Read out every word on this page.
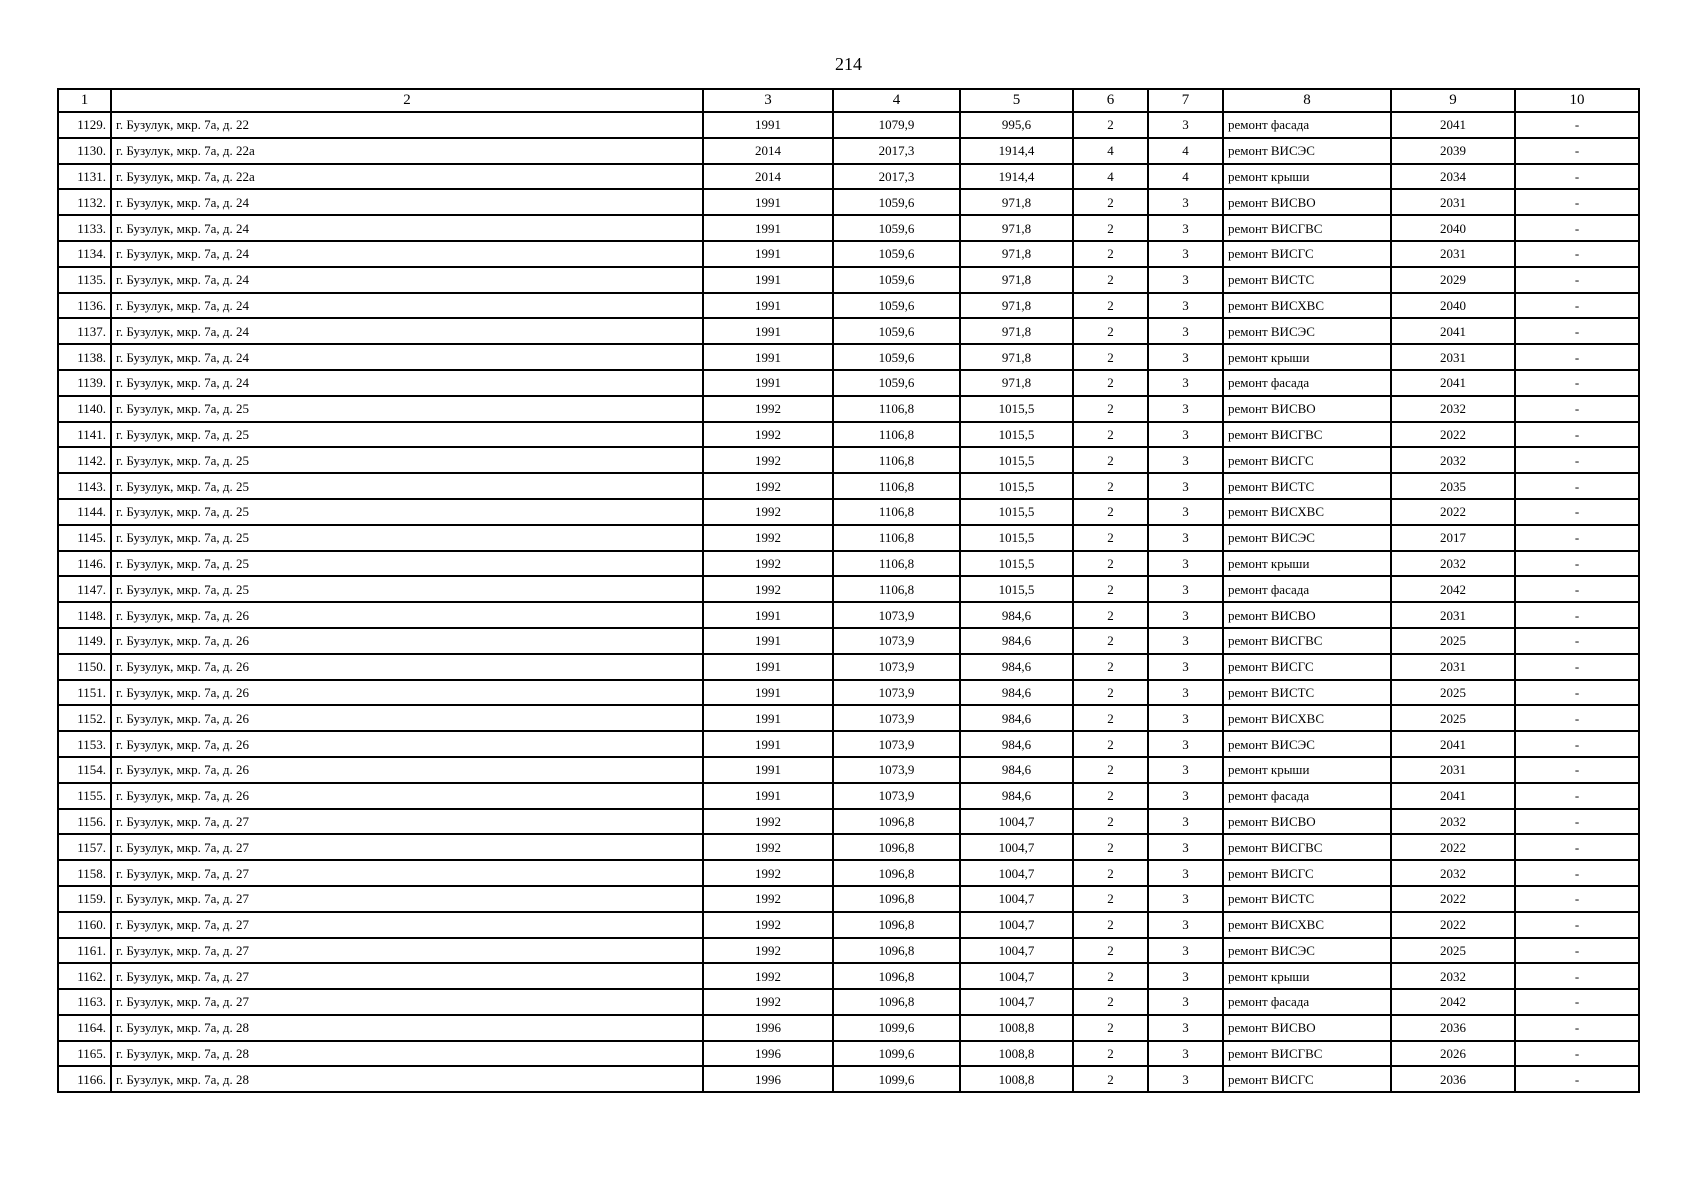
214
1	2	3	4	5	6	7	8	9	10
1129.	г. Бузулук, мкр. 7а, д. 22	1991	1079,9	995,6	2	3	ремонт фасада	2041	-
1130.	г. Бузулук, мкр. 7а, д. 22а	2014	2017,3	1914,4	4	4	ремонт ВИСЭС	2039	-
1131.	г. Бузулук, мкр. 7а, д. 22а	2014	2017,3	1914,4	4	4	ремонт крыши	2034	-
1132.	г. Бузулук, мкр. 7а, д. 24	1991	1059,6	971,8	2	3	ремонт ВИСВО	2031	-
1133.	г. Бузулук, мкр. 7а, д. 24	1991	1059,6	971,8	2	3	ремонт ВИСГВС	2040	-
1134.	г. Бузулук, мкр. 7а, д. 24	1991	1059,6	971,8	2	3	ремонт ВИСГС	2031	-
1135.	г. Бузулук, мкр. 7а, д. 24	1991	1059,6	971,8	2	3	ремонт ВИСТС	2029	-
1136.	г. Бузулук, мкр. 7а, д. 24	1991	1059,6	971,8	2	3	ремонт ВИСХВС	2040	-
1137.	г. Бузулук, мкр. 7а, д. 24	1991	1059,6	971,8	2	3	ремонт ВИСЭС	2041	-
1138.	г. Бузулук, мкр. 7а, д. 24	1991	1059,6	971,8	2	3	ремонт крыши	2031	-
1139.	г. Бузулук, мкр. 7а, д. 24	1991	1059,6	971,8	2	3	ремонт фасада	2041	-
1140.	г. Бузулук, мкр. 7а, д. 25	1992	1106,8	1015,5	2	3	ремонт ВИСВО	2032	-
1141.	г. Бузулук, мкр. 7а, д. 25	1992	1106,8	1015,5	2	3	ремонт ВИСГВС	2022	-
1142.	г. Бузулук, мкр. 7а, д. 25	1992	1106,8	1015,5	2	3	ремонт ВИСГС	2032	-
1143.	г. Бузулук, мкр. 7а, д. 25	1992	1106,8	1015,5	2	3	ремонт ВИСТС	2035	-
1144.	г. Бузулук, мкр. 7а, д. 25	1992	1106,8	1015,5	2	3	ремонт ВИСХВС	2022	-
1145.	г. Бузулук, мкр. 7а, д. 25	1992	1106,8	1015,5	2	3	ремонт ВИСЭС	2017	-
1146.	г. Бузулук, мкр. 7а, д. 25	1992	1106,8	1015,5	2	3	ремонт крыши	2032	-
1147.	г. Бузулук, мкр. 7а, д. 25	1992	1106,8	1015,5	2	3	ремонт фасада	2042	-
1148.	г. Бузулук, мкр. 7а, д. 26	1991	1073,9	984,6	2	3	ремонт ВИСВО	2031	-
1149.	г. Бузулук, мкр. 7а, д. 26	1991	1073,9	984,6	2	3	ремонт ВИСГВС	2025	-
1150.	г. Бузулук, мкр. 7а, д. 26	1991	1073,9	984,6	2	3	ремонт ВИСГС	2031	-
1151.	г. Бузулук, мкр. 7а, д. 26	1991	1073,9	984,6	2	3	ремонт ВИСТС	2025	-
1152.	г. Бузулук, мкр. 7а, д. 26	1991	1073,9	984,6	2	3	ремонт ВИСХВС	2025	-
1153.	г. Бузулук, мкр. 7а, д. 26	1991	1073,9	984,6	2	3	ремонт ВИСЭС	2041	-
1154.	г. Бузулук, мкр. 7а, д. 26	1991	1073,9	984,6	2	3	ремонт крыши	2031	-
1155.	г. Бузулук, мкр. 7а, д. 26	1991	1073,9	984,6	2	3	ремонт фасада	2041	-
1156.	г. Бузулук, мкр. 7а, д. 27	1992	1096,8	1004,7	2	3	ремонт ВИСВО	2032	-
1157.	г. Бузулук, мкр. 7а, д. 27	1992	1096,8	1004,7	2	3	ремонт ВИСГВС	2022	-
1158.	г. Бузулук, мкр. 7а, д. 27	1992	1096,8	1004,7	2	3	ремонт ВИСГС	2032	-
1159.	г. Бузулук, мкр. 7а, д. 27	1992	1096,8	1004,7	2	3	ремонт ВИСТС	2022	-
1160.	г. Бузулук, мкр. 7а, д. 27	1992	1096,8	1004,7	2	3	ремонт ВИСХВС	2022	-
1161.	г. Бузулук, мкр. 7а, д. 27	1992	1096,8	1004,7	2	3	ремонт ВИСЭС	2025	-
1162.	г. Бузулук, мкр. 7а, д. 27	1992	1096,8	1004,7	2	3	ремонт крыши	2032	-
1163.	г. Бузулук, мкр. 7а, д. 27	1992	1096,8	1004,7	2	3	ремонт фасада	2042	-
1164.	г. Бузулук, мкр. 7а, д. 28	1996	1099,6	1008,8	2	3	ремонт ВИСВО	2036	-
1165.	г. Бузулук, мкр. 7а, д. 28	1996	1099,6	1008,8	2	3	ремонт ВИСГВС	2026	-
1166.	г. Бузулук, мкр. 7а, д. 28	1996	1099,6	1008,8	2	3	ремонт ВИСГС	2036	-
